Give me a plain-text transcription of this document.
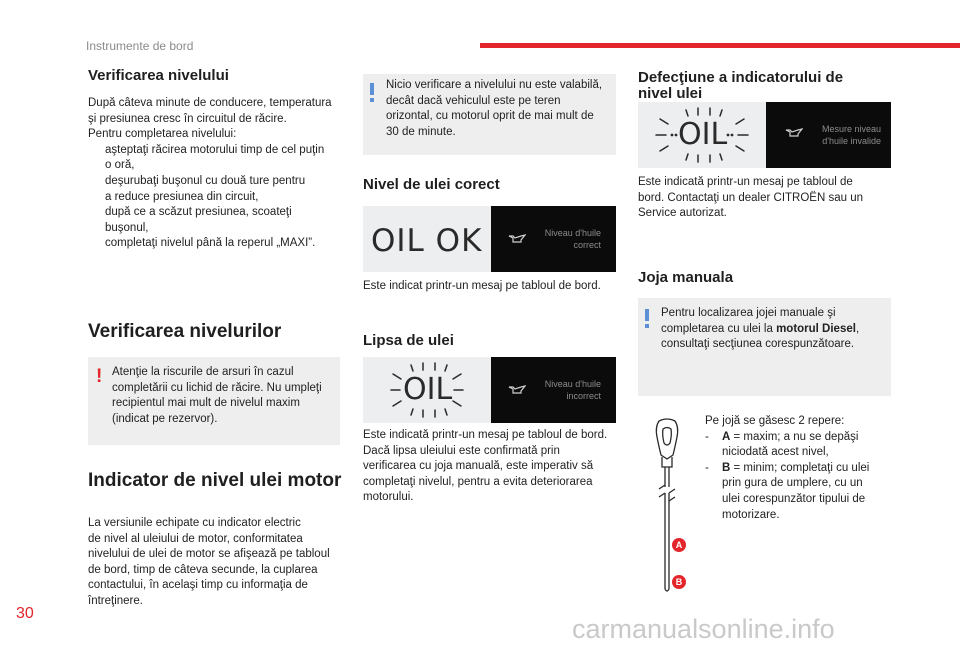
Instrumente de bord
Verificarea nivelului
După câteva minute de conducere, temperatura
şi presiunea cresc în circuitul de răcire.
Pentru completarea nivelului:
aşteptaţi răcirea motorului timp de cel puţin
o oră,
deşurubaţi buşonul cu două ture pentru
a reduce presiunea din circuit,
după ce a scăzut presiunea, scoateţi
buşonul,
completaţi nivelul până la reperul „MAXI”.
Verificarea nivelurilor
! Atenţie la riscurile de arsuri în cazul
completării cu lichid de răcire. Nu umpleţi
recipientul mai mult de nivelul maxim
(indicat pe rezervor).
Indicator de nivel ulei motor
La versiunile echipate cu indicator electric
de nivel al uleiului de motor, conformitatea
nivelului de ulei de motor se afişează pe tabloul
de bord, timp de câteva secunde, la cuplarea
contactului, în acelaşi timp cu informaţia de
întreţinere.
Nicio verificare a nivelului nu este valabilă,
decât dacă vehiculul este pe teren
orizontal, cu motorul oprit de mai mult de
30 de minute.
Nivel de ulei corect
OIL OK	Niveau d'huile
correct
Este indicat printr-un mesaj pe tabloul de bord.
Lipsa de ulei
OIL	Niveau d'huile
incorrect
Este indicată printr-un mesaj pe tabloul de bord.
Dacă lipsa uleiului este confirmată prin
verificarea cu joja manuală, este imperativ să
completaţi nivelul, pentru a evita deteriorarea
motorului.
Defecţiune a indicatorului de
nivel ulei
OIL	Mesure niveau
d'huile invalide
Este indicată printr-un mesaj pe tabloul de
bord. Contactaţi un dealer CITROËN sau un
Service autorizat.
Joja manuala
Pentru localizarea jojei manuale şi
completarea cu ulei la motorul Diesel,
consultaţi secţiunea corespunzătoare.
A
B
Pe jojă se găsesc 2 repere:
- A = maxim; a nu se depăşi
niciodată acest nivel,
- B = minim; completaţi cu ulei
prin gura de umplere, cu un
ulei corespunzător tipului de
motorizare.
30
carmanualsonline.info
